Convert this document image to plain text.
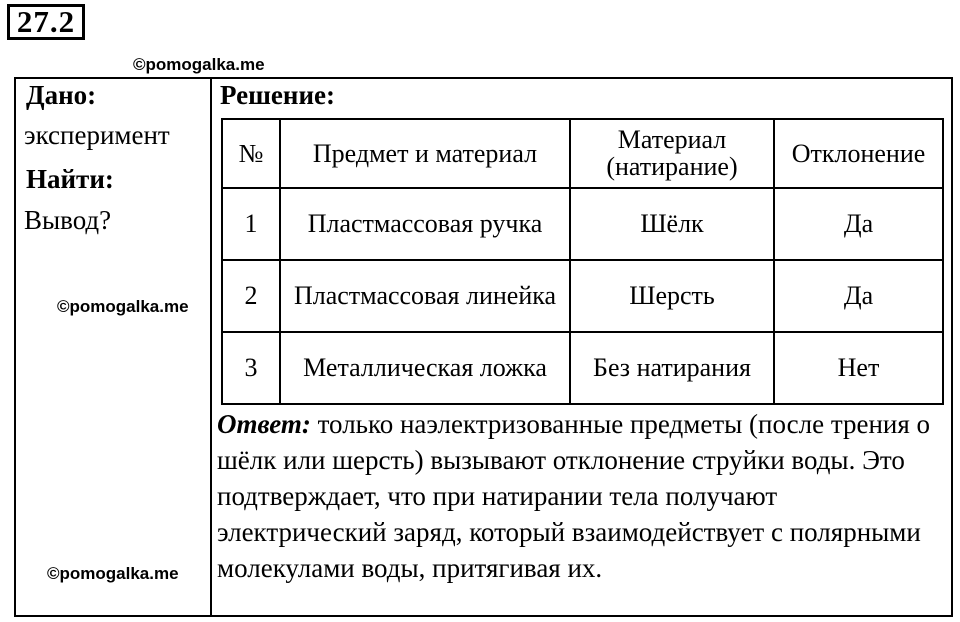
27.2
©pomogalka.me
©pomogalka.me
©pomogalka.me
Дано:
эксперимент
Найти:
Вывод?
Решение:
№	Предмет и материал	Материал (натирание)	Отклонение
1	Пластмассовая ручка	Шёлк	Да
2	Пластмассовая линейка	Шерсть	Да
3	Металлическая ложка	Без натирания	Нет
Ответ: только наэлектризованные предметы (после трения о шёлк или шерсть) вызывают отклонение струйки воды. Это подтверждает, что при натирании тела получают электрический заряд, который взаимодействует с полярными молекулами воды, притягивая их.
